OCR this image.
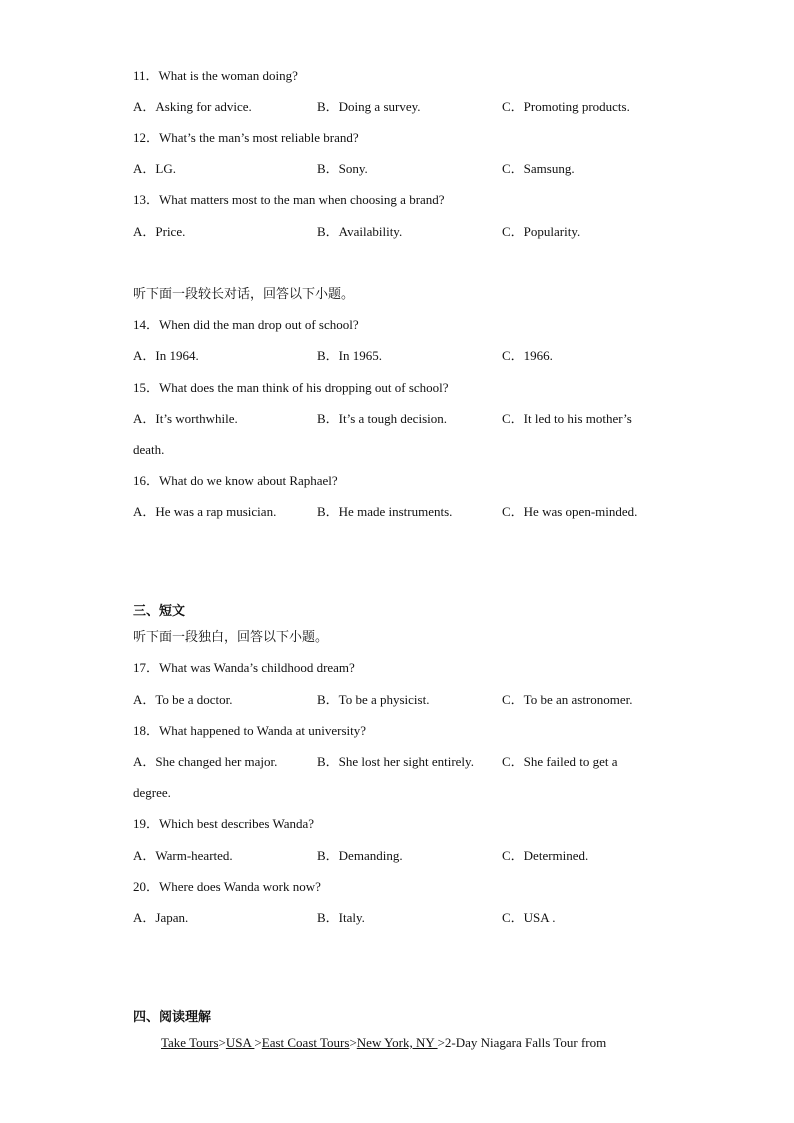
11．What is the woman doing?
A．Asking for advice.	B．Doing a survey.	C．Promoting products.
12．What’s the man’s most reliable brand?
A．LG.	B．Sony.	C．Samsung.
13．What matters most to the man when choosing a brand?
A．Price.	B．Availability.	C．Popularity.
听下面一段较长对话，回答以下小题。
14．When did the man drop out of school?
A．In 1964.	B．In 1965.	C．1966.
15．What does the man think of his dropping out of school?
A．It’s worthwhile.	B．It’s a tough decision.	C．It led to his mother’s
death.
16．What do we know about Raphael?
A．He was a rap musician.	B．He made instruments.	C．He was open-minded.
三、短文
听下面一段独白，回答以下小题。
17．What was Wanda’s childhood dream?
A．To be a doctor.	B．To be a physicist.	C．To be an astronomer.
18．What happened to Wanda at university?
A．She changed her major.	B．She lost her sight entirely. C．She failed to get a
degree.
19．Which best describes Wanda?
A．Warm-hearted.	B．Demanding.	C．Determined.
20．Where does Wanda work now?
A．Japan.	B．Italy.	C．USA .
四、阅读理解
Take Tours>USA >East Coast Tours>New York, NY >2-Day Niagara Falls Tour from
